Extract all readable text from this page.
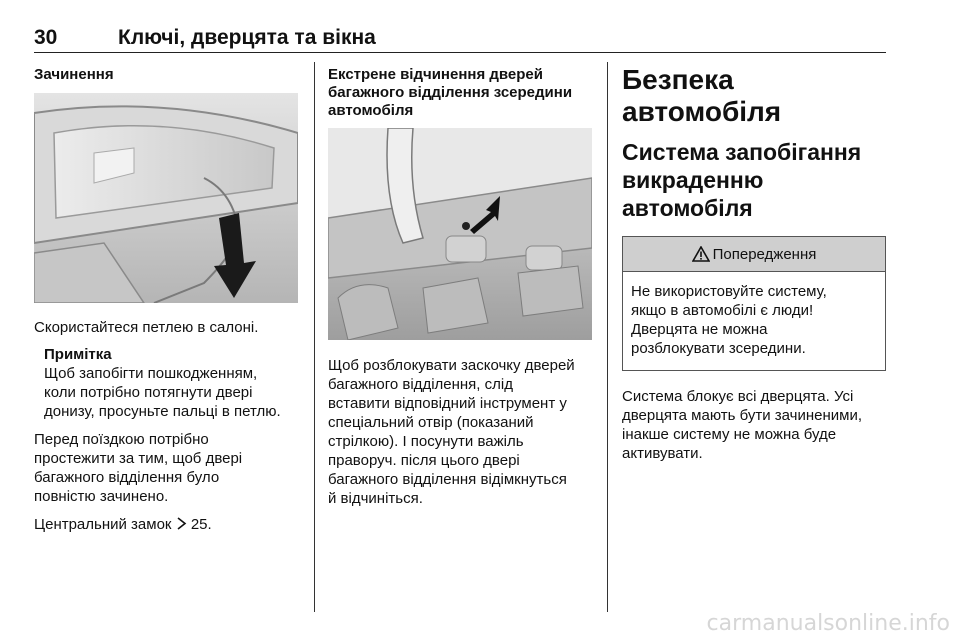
30	Ключі, дверцята та вікна
Зачинення

Скористайтеся петлею в салоні.

Примітка

Щоб запобігти пошкодженням,

коли потрібно потягнути двері

донизу, просуньте пальці в петлю.

Перед поїздкою потрібно

простежити за тим, щоб двері

багажного відділення було

повністю зачинено.

Центральний замок 25.

Екстрене відчинення дверей

багажного відділення зсередини

автомобіля

Щоб розблокувати заскочку дверей

багажного відділення, слід

вставити відповідний інструмент у

спеціальний отвір (показаний

стрілкою). І посунути важіль

праворуч. після цього двері

багажного відділення відімкнуться

й відчиніться.

Безпека автомобіля

Система запобігання

викраденню автомобіля

Попередження

Не використовуйте систему,

якщо в автомобілі є люди!

Дверцята не можна

розблокувати зсередини.

Система блокує всі дверцята. Усі

дверцята мають бути зачиненими,

інакше систему не можна буде

активувати.

carmanualsonline.info
